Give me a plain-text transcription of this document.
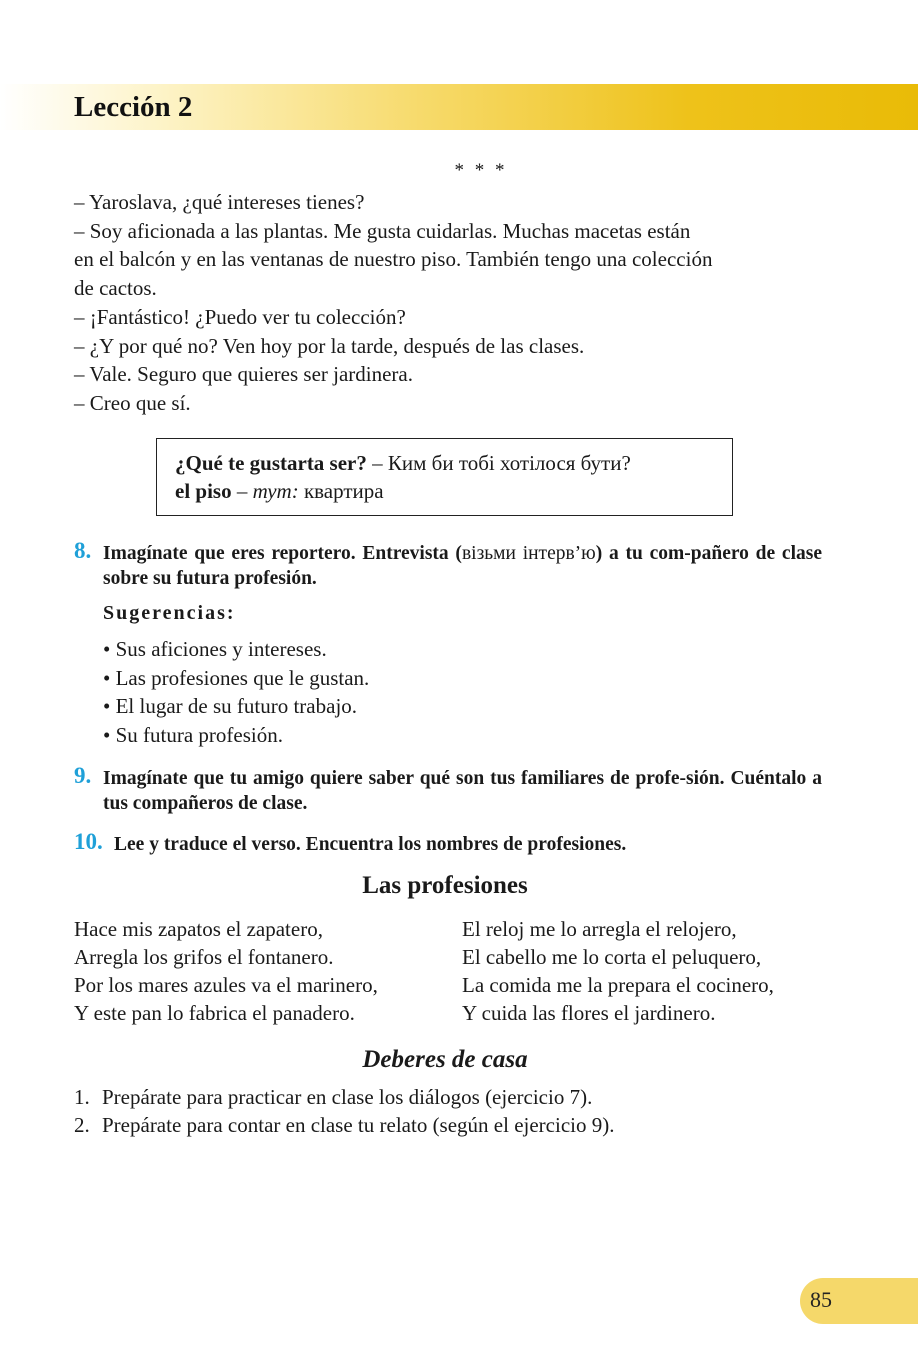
Lección 2
* * *

– Yaroslava, ¿qué intereses tienes?

– Soy aficionada a las plantas. Me gusta cuidarlas. Muchas macetas están

en el balcón y en las ventanas de nuestro piso. También tengo una colección

de cactos.

– ¡Fantástico! ¿Puedo ver tu colección?

– ¿Y por qué no? Ven hoy por la tarde, después de las clases.

– Vale. Seguro que quieres ser jardinera.

– Creo que sí.

¿Qué te gustarta ser? – Ким би тобі хотілося бути?

el piso – тут: квартира

8. Imagínate que eres reportero. Entrevista (візьми інтерв’ю) a tu com-pañero de clase sobre su futura profesión.
Sugerencias:
• Sus aficiones y intereses.
• Las profesiones que le gustan.
• El lugar de su futuro trabajo.
• Su futura profesión.
9. Imagínate que tu amigo quiere saber qué son tus familiares de profe-sión. Cuéntalo a tus compañeros de clase.
10. Lee y traduce el verso. Encuentra los nombres de profesiones.
Las profesiones

Hace mis zapatos el zapatero,

Arregla los grifos el fontanero.

Por los mares azules va el marinero,

Y este pan lo fabrica el panadero.

El reloj me lo arregla el relojero,

El cabello me lo corta el peluquero,

La comida me la prepara el cocinero,

Y cuida las flores el jardinero.

Deberes de casa
1. Prepárate para practicar en clase los diálogos (ejercicio 7).
2. Prepárate para contar en clase tu relato (según el ejercicio 9).
85
